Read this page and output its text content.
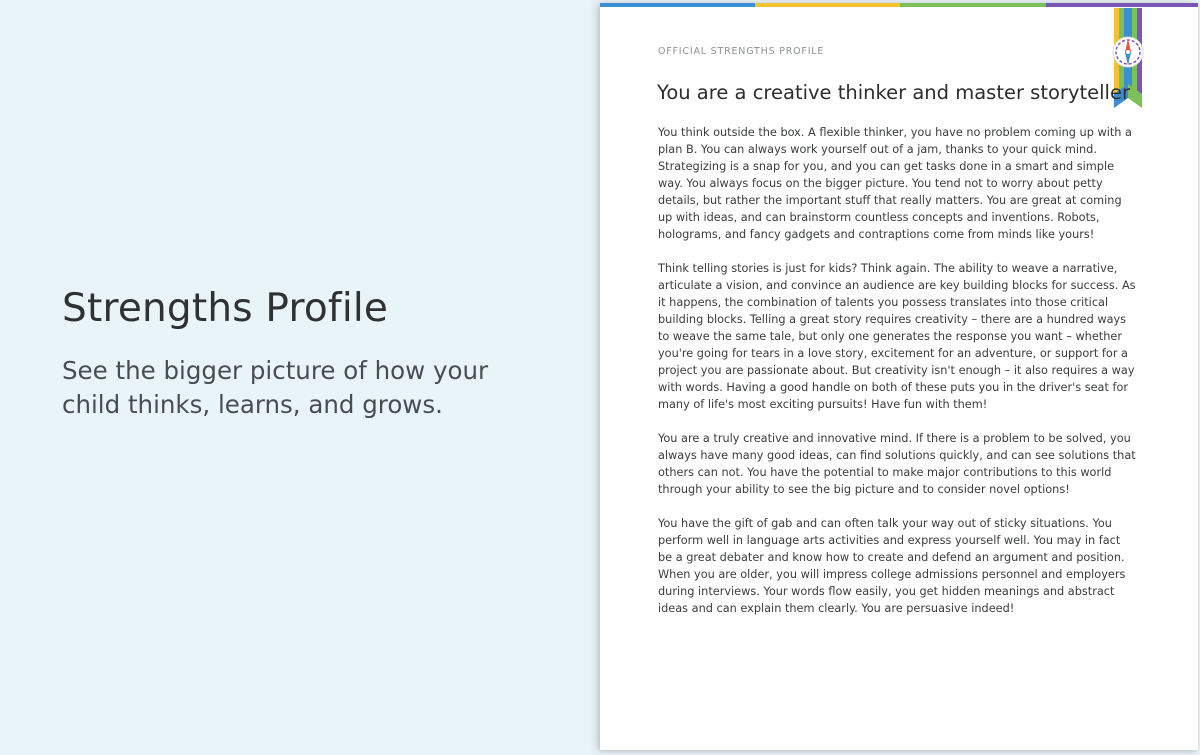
Strengths Profile

See the bigger picture of how your child thinks, learns, and grows.

OFFICIAL STRENGTHS PROFILE

You are a creative thinker and master storyteller

You think outside the box. A flexible thinker, you have no problem coming up with a plan B. You can always work yourself out of a jam, thanks to your quick mind. Strategizing is a snap for you, and you can get tasks done in a smart and simple way. You always focus on the bigger picture. You tend not to worry about petty details, but rather the important stuff that really matters. You are great at coming up with ideas, and can brainstorm countless concepts and inventions. Robots, holograms, and fancy gadgets and contraptions come from minds like yours!

Think telling stories is just for kids? Think again. The ability to weave a narrative, articulate a vision, and convince an audience are key building blocks for success. As it happens, the combination of talents you possess translates into those critical building blocks. Telling a great story requires creativity – there are a hundred ways to weave the same tale, but only one generates the response you want – whether you're going for tears in a love story, excitement for an adventure, or support for a project you are passionate about. But creativity isn't enough – it also requires a way with words. Having a good handle on both of these puts you in the driver's seat for many of life's most exciting pursuits! Have fun with them!

You are a truly creative and innovative mind. If there is a problem to be solved, you always have many good ideas, can find solutions quickly, and can see solutions that others can not. You have the potential to make major contributions to this world through your ability to see the big picture and to consider novel options!

You have the gift of gab and can often talk your way out of sticky situations. You perform well in language arts activities and express yourself well. You may in fact be a great debater and know how to create and defend an argument and position. When you are older, you will impress college admissions personnel and employers during interviews. Your words flow easily, you get hidden meanings and abstract ideas and can explain them clearly. You are persuasive indeed!
